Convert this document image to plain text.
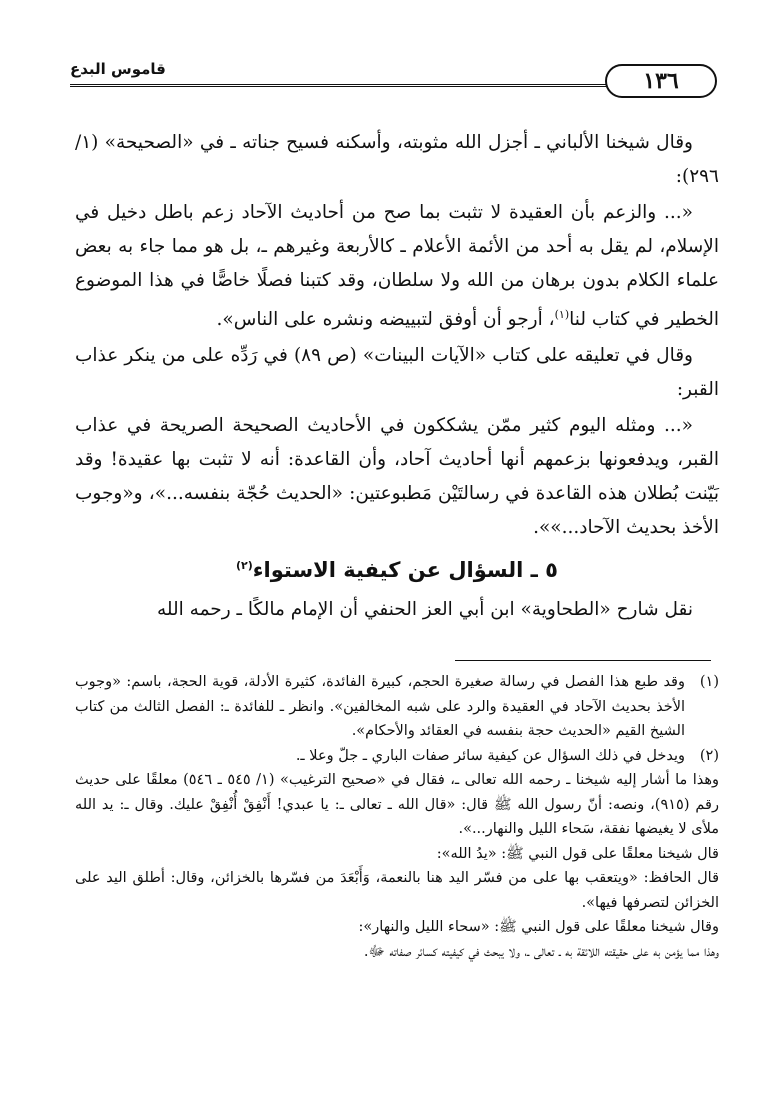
قاموس البدع	١٣٦

وقال شيخنا الألباني ـ أجزل الله مثوبته، وأسكنه فسيح جناته ـ في «الصحيحة» (١/ ٢٩٦):

«... والزعم بأن العقيدة لا تثبت بما صح من أحاديث الآحاد زعم باطل دخيل في الإسلام، لم يقل به أحد من الأئمة الأعلام ـ كالأربعة وغيرهم ـ، بل هو مما جاء به بعض علماء الكلام بدون برهان من الله ولا سلطان، وقد كتبنا فصلًا خاصًّا في هذا الموضوع الخطير في كتاب لنا$^{(١)}$، أرجو أن أوفق لتبييضه ونشره على الناس».

وقال في تعليقه على كتاب «الآيات البينات» (ص ٨٩) في رَدِّه على من ينكر عذاب القبر:

«... ومثله اليوم كثير ممّن يشككون في الأحاديث الصحيحة الصريحة في عذاب القبر، ويدفعونها بزعمهم أنها أحاديث آحاد، وأن القاعدة: أنه لا تثبت بها عقيدة! وقد بَيّنت بُطلان هذه القاعدة في رسالتَيْن مَطبوعتين: «الحديث حُجّة بنفسه...»، و«وجوب الأخذ بحديث الآحاد...»».

٥ ـ السؤال عن كيفية الاستواء$^{(٢)}$

نقل شارح «الطحاوية» ابن أبي العز الحنفي أن الإمام مالكًا ـ رحمه الله

(١)
وقد طبع هذا الفصل في رسالة صغيرة الحجم، كبيرة الفائدة، كثيرة الأدلة، قوية الحجة، باسم: «وجوب الأخذ بحديث الآحاد في العقيدة والرد على شبه المخالفين». وانظر ـ للفائدة ـ: الفصل الثالث من كتاب الشيخ القيم «الحديث حجة بنفسه في العقائد والأحكام».
(٢)
ويدخل في ذلك السؤال عن كيفية سائر صفات الباري ـ جلّ وعلا ـ.

وهذا ما أشار إليه شيخنا ـ رحمه الله تعالى ـ، فقال في «صحيح الترغيب» (١/ ٥٤٥ ـ ٥٤٦) معلقًا على حديث رقم (٩١٥)، ونصه: أنّ رسول الله ﷺ قال: «قال الله ـ تعالى ـ: يا عبدي! أَنْفِقْ أُنْفِقْ عليك. وقال ـ: يد الله ملأى لا يغيضها نفقة، سَحاء الليل والنهار...».

قال شيخنا معلقًا على قول النبي ﷺ: «يدُ الله»:

قال الحافظ: «ويتعقب بها على من فسّر اليد هنا بالنعمة، وَأَبْعَدَ من فسّرها بالخزائن، وقال: أطلق اليد على الخزائن لتصرفها فيها».

وقال شيخنا معلقًا على قول النبي ﷺ: «سحاء الليل والنهار»:

وهذا مما يؤمن به على حقيقته اللائقة به ـ تعالى ـ، ولا يبحث في كيفيته كسائر صفاته ﷻ.
